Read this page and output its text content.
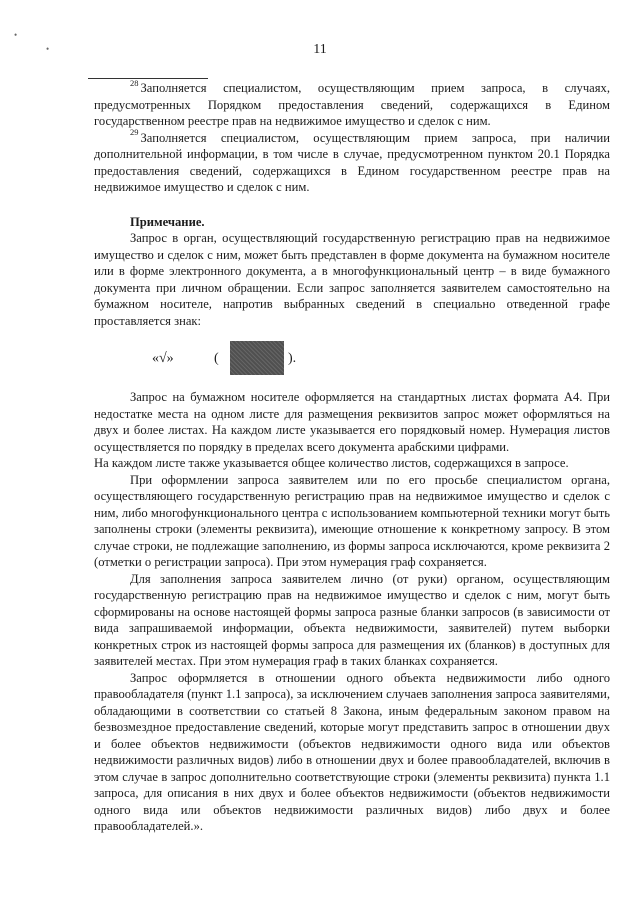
•
•	11

$^{28}$ Заполняется специалистом, осуществляющим прием запроса, в случаях, предусмотренных Порядком предоставления сведений, содержащихся в Едином государственном реестре прав на недвижимое имущество и сделок с ним.

$^{29}$ Заполняется специалистом, осуществляющим прием запроса, при наличии дополнительной информации, в том числе в случае, предусмотренном пунктом 20.1 Порядка предоставления сведений, содержащихся в Едином государственном реестре прав на недвижимое имущество и сделок с ним.

Примечание.

Запрос в орган, осуществляющий государственную регистрацию прав на недвижимое имущество и сделок с ним, может быть представлен в форме документа на бумажном носителе или в форме электронного документа, а в многофункциональный центр – в виде бумажного документа при личном обращении. Если запрос заполняется заявителем самостоятельно на бумажном носителе, напротив выбранных сведений в специально отведенной графе проставляется знак:

«√»	(	).

Запрос на бумажном носителе оформляется на стандартных листах формата А4. При недостатке места на одном листе для размещения реквизитов запрос может оформляться на двух и более листах. На каждом листе указывается его порядковый номер. Нумерация листов осуществляется по порядку в пределах всего документа арабскими цифрами.

На каждом листе также указывается общее количество листов, содержащихся в запросе.

При оформлении запроса заявителем или по его просьбе специалистом органа, осуществляющего государственную регистрацию прав на недвижимое имущество и сделок с ним, либо многофункционального центра с использованием компьютерной техники могут быть заполнены строки (элементы реквизита), имеющие отношение к конкретному запросу. В этом случае строки, не подлежащие заполнению, из формы запроса исключаются, кроме реквизита 2 (отметки о регистрации запроса). При этом нумерация граф сохраняется.

Для заполнения запроса заявителем лично (от руки) органом, осуществляющим государственную регистрацию прав на недвижимое имущество и сделок с ним, могут быть сформированы на основе настоящей формы запроса разные бланки запросов (в зависимости от вида запрашиваемой информации, объекта недвижимости, заявителей) путем выборки конкретных строк из настоящей формы запроса для размещения их (бланков) в доступных для заявителей местах. При этом нумерация граф в таких бланках сохраняется.

Запрос оформляется в отношении одного объекта недвижимости либо одного правообладателя (пункт 1.1 запроса), за исключением случаев заполнения запроса заявителями, обладающими в соответствии со статьей 8 Закона, иным федеральным законом правом на безвозмездное предоставление сведений, которые могут представить запрос в отношении двух и более объектов недвижимости (объектов недвижимости одного вида или объектов недвижимости различных видов) либо в отношении двух и более правообладателей, включив в этом случае в запрос дополнительно соответствующие строки (элементы реквизита) пункта 1.1 запроса, для описания в них двух и более объектов недвижимости (объектов недвижимости одного вида или объектов недвижимости различных видов) либо двух и более правообладателей.».
